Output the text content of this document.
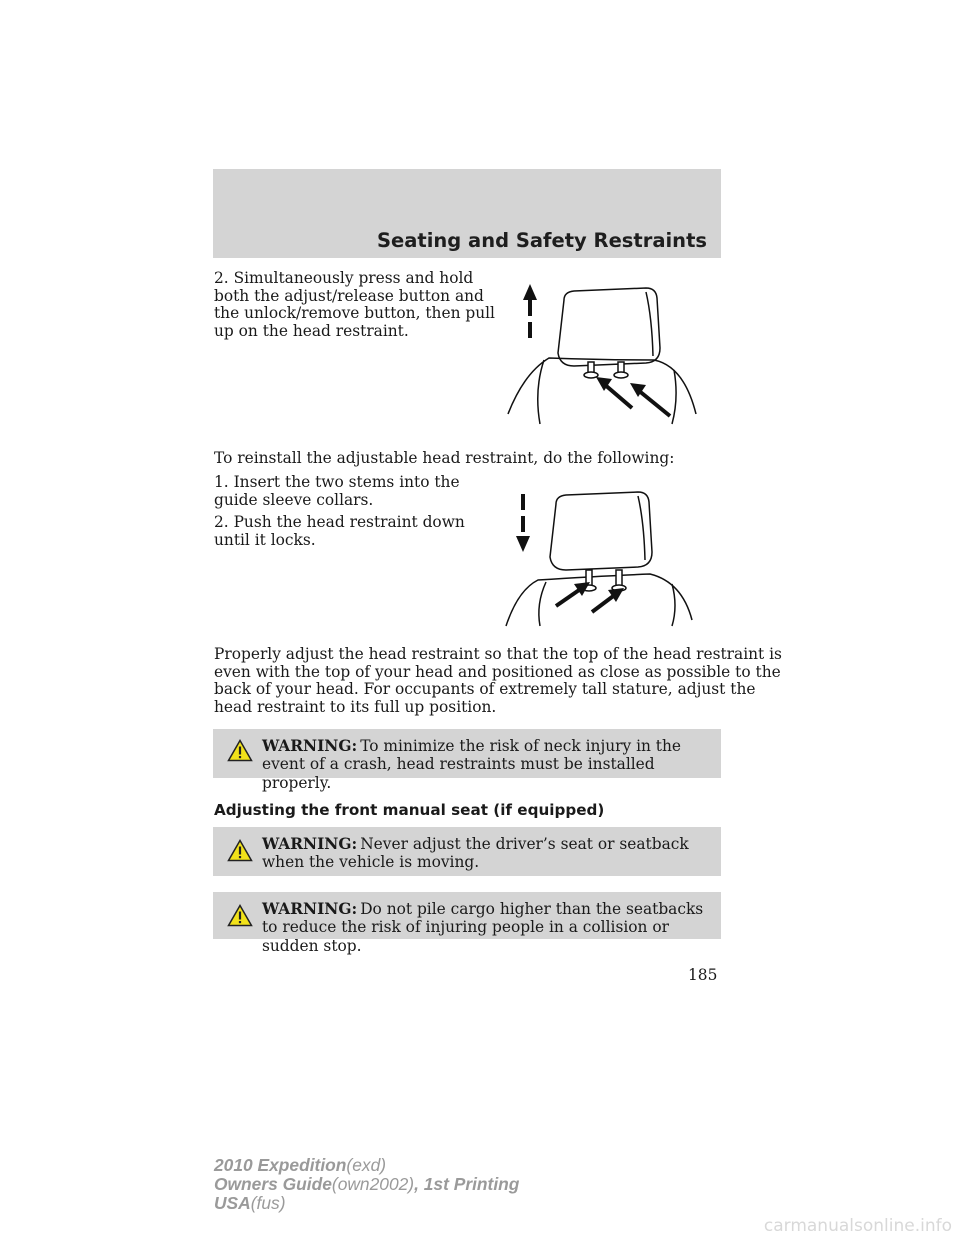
Seating and Safety Restraints

2. Simultaneously press and hold
both the adjust/release button and
the unlock/remove button, then pull
up on the head restraint.

To reinstall the adjustable head restraint, do the following:

1. Insert the two stems into the
guide sleeve collars.

2. Push the head restraint down
until it locks.

Properly adjust the head restraint so that the top of the head restraint is
even with the top of your head and positioned as close as possible to the
back of your head. For occupants of extremely tall stature, adjust the
head restraint to its full up position.

WARNING: To minimize the risk of neck injury in the event of a crash, head restraints must be installed properly.

Adjusting the front manual seat (if equipped)

WARNING: Never adjust the driver’s seat or seatback when the vehicle is moving.
WARNING: Do not pile cargo higher than the seatbacks to reduce the risk of injuring people in a collision or sudden stop.
185
2010 Expedition(exd)
Owners Guide(own2002), 1st Printing
USA(fus)
carmanualsonline.info
